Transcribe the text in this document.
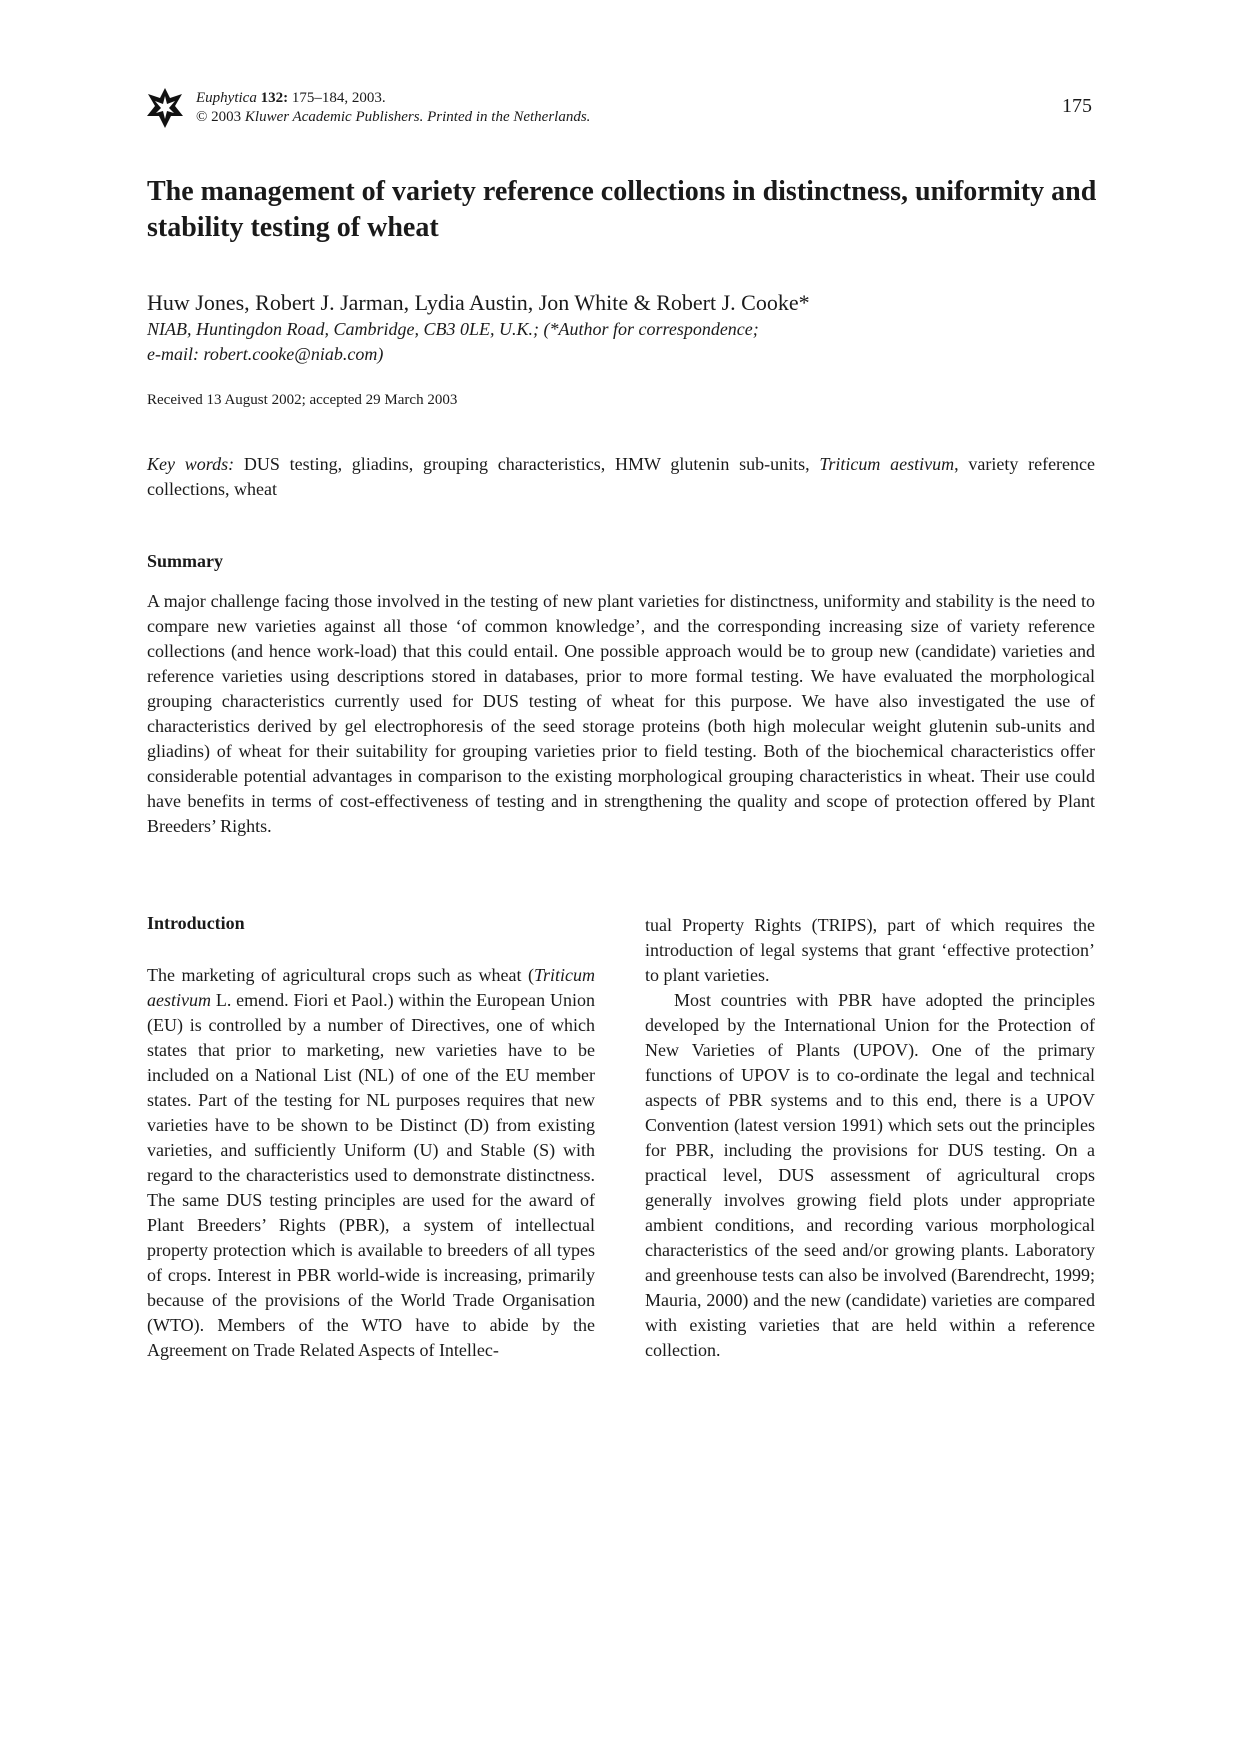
Euphytica 132: 175–184, 2003.
© 2003 Kluwer Academic Publishers. Printed in the Netherlands.	175
The management of variety reference collections in distinctness, uniformity and stability testing of wheat
Huw Jones, Robert J. Jarman, Lydia Austin, Jon White & Robert J. Cooke*
NIAB, Huntingdon Road, Cambridge, CB3 0LE, U.K.; (*Author for correspondence;
e-mail: robert.cooke@niab.com)
Received 13 August 2002; accepted 29 March 2003
Key words: DUS testing, gliadins, grouping characteristics, HMW glutenin sub-units, Triticum aestivum, variety reference collections, wheat
Summary

A major challenge facing those involved in the testing of new plant varieties for distinctness, uniformity and stability is the need to compare new varieties against all those ‘of common knowledge’, and the corresponding increasing size of variety reference collections (and hence work-load) that this could entail. One possible approach would be to group new (candidate) varieties and reference varieties using descriptions stored in databases, prior to more formal testing. We have evaluated the morphological grouping characteristics currently used for DUS testing of wheat for this purpose. We have also investigated the use of characteristics derived by gel electrophoresis of the seed storage proteins (both high molecular weight glutenin sub-units and gliadins) of wheat for their suitability for grouping varieties prior to field testing. Both of the biochemical characteristics offer considerable potential advantages in comparison to the existing morphological grouping characteristics in wheat. Their use could have benefits in terms of cost-effectiveness of testing and in strengthening the quality and scope of protection offered by Plant Breeders’ Rights.

Introduction

The marketing of agricultural crops such as wheat (Triticum aestivum L. emend. Fiori et Paol.) within the European Union (EU) is controlled by a number of Directives, one of which states that prior to marketing, new varieties have to be included on a National List (NL) of one of the EU member states. Part of the testing for NL purposes requires that new varieties have to be shown to be Distinct (D) from existing varieties, and sufficiently Uniform (U) and Stable (S) with regard to the characteristics used to demonstrate distinctness. The same DUS testing principles are used for the award of Plant Breeders’ Rights (PBR), a system of intellectual property protection which is available to breeders of all types of crops. Interest in PBR world-wide is increasing, primarily because of the provisions of the World Trade Organisation (WTO). Members of the WTO have to abide by the Agreement on Trade Related Aspects of Intellec-

tual Property Rights (TRIPS), part of which requires the introduction of legal systems that grant ‘effective protection’ to plant varieties.

Most countries with PBR have adopted the principles developed by the International Union for the Protection of New Varieties of Plants (UPOV). One of the primary functions of UPOV is to co-ordinate the legal and technical aspects of PBR systems and to this end, there is a UPOV Convention (latest version 1991) which sets out the principles for PBR, including the provisions for DUS testing. On a practical level, DUS assessment of agricultural crops generally involves growing field plots under appropriate ambient conditions, and recording various morphological characteristics of the seed and/or growing plants. Laboratory and greenhouse tests can also be involved (Barendrecht, 1999; Mauria, 2000) and the new (candidate) varieties are compared with existing varieties that are held within a reference collection.
